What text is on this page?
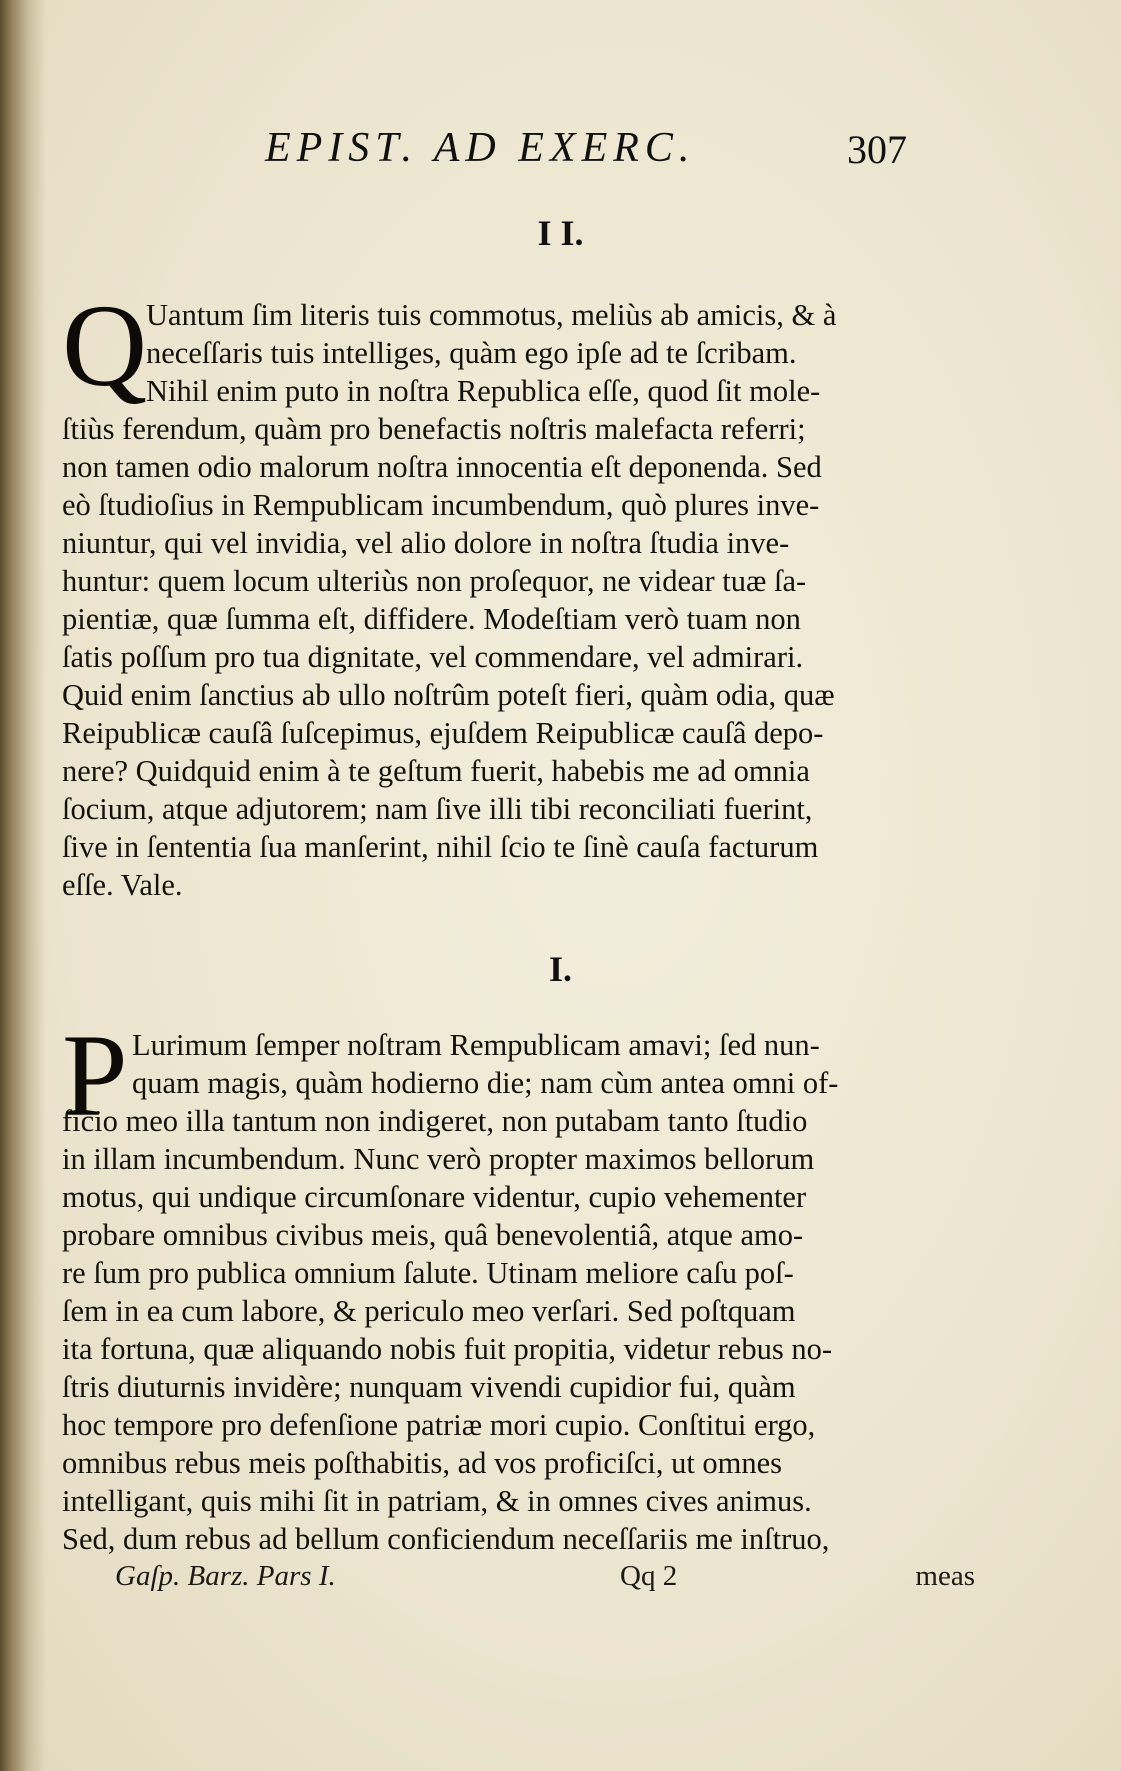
EPIST. AD EXERC.	307
I I.
Q
Uantum ſim literis tuis commotus, meliùs ab amicis, & à
neceſſaris tuis intelliges, quàm ego ipſe ad te ſcribam.
Nihil enim puto in noſtra Republica eſſe, quod ſit mole-
ſtiùs ferendum, quàm pro benefactis noſtris malefacta referri;
non tamen odio malorum noſtra innocentia eſt deponenda. Sed
eò ſtudioſius in Rempublicam incumbendum, quò plures inve-
niuntur, qui vel invidia, vel alio dolore in noſtra ſtudia inve-
huntur: quem locum ulteriùs non proſequor, ne videar tuæ ſa-
pientiæ, quæ ſumma eſt, diffidere. Modeſtiam verò tuam non
ſatis poſſum pro tua dignitate, vel commendare, vel admirari.
Quid enim ſanctius ab ullo noſtrûm poteſt fieri, quàm odia, quæ
Reipublicæ cauſâ ſuſcepimus, ejuſdem Reipublicæ cauſâ depo-
nere? Quidquid enim à te geſtum fuerit, habebis me ad omnia
ſocium, atque adjutorem; nam ſive illi tibi reconciliati fuerint,
ſive in ſententia ſua manſerint, nihil ſcio te ſinè cauſa facturum
eſſe. Vale.
I.
P Lurimum ſemper noſtram Rempublicam amavi; ſed nun-
quam magis, quàm hodierno die; nam cùm antea omni of-
ficio meo illa tantum non indigeret, non putabam tanto ſtudio
in illam incumbendum. Nunc verò propter maximos bellorum
motus, qui undique circumſonare videntur, cupio vehementer
probare omnibus civibus meis, quâ benevolentiâ, atque amo-
re ſum pro publica omnium ſalute. Utinam meliore caſu poſ-
ſem in ea cum labore, & periculo meo verſari. Sed poſtquam
ita fortuna, quæ aliquando nobis fuit propitia, videtur rebus no-
ſtris diuturnis invidère; nunquam vivendi cupidior fui, quàm
hoc tempore pro defenſione patriæ mori cupio. Conſtitui ergo,
omnibus rebus meis poſthabitis, ad vos proficiſci, ut omnes
intelligant, quis mihi ſit in patriam, & in omnes cives animus.
Sed, dum rebus ad bellum conficiendum neceſſariis me inſtruo,
Gaſp. Barz. Pars I.	Qq 2	meas
